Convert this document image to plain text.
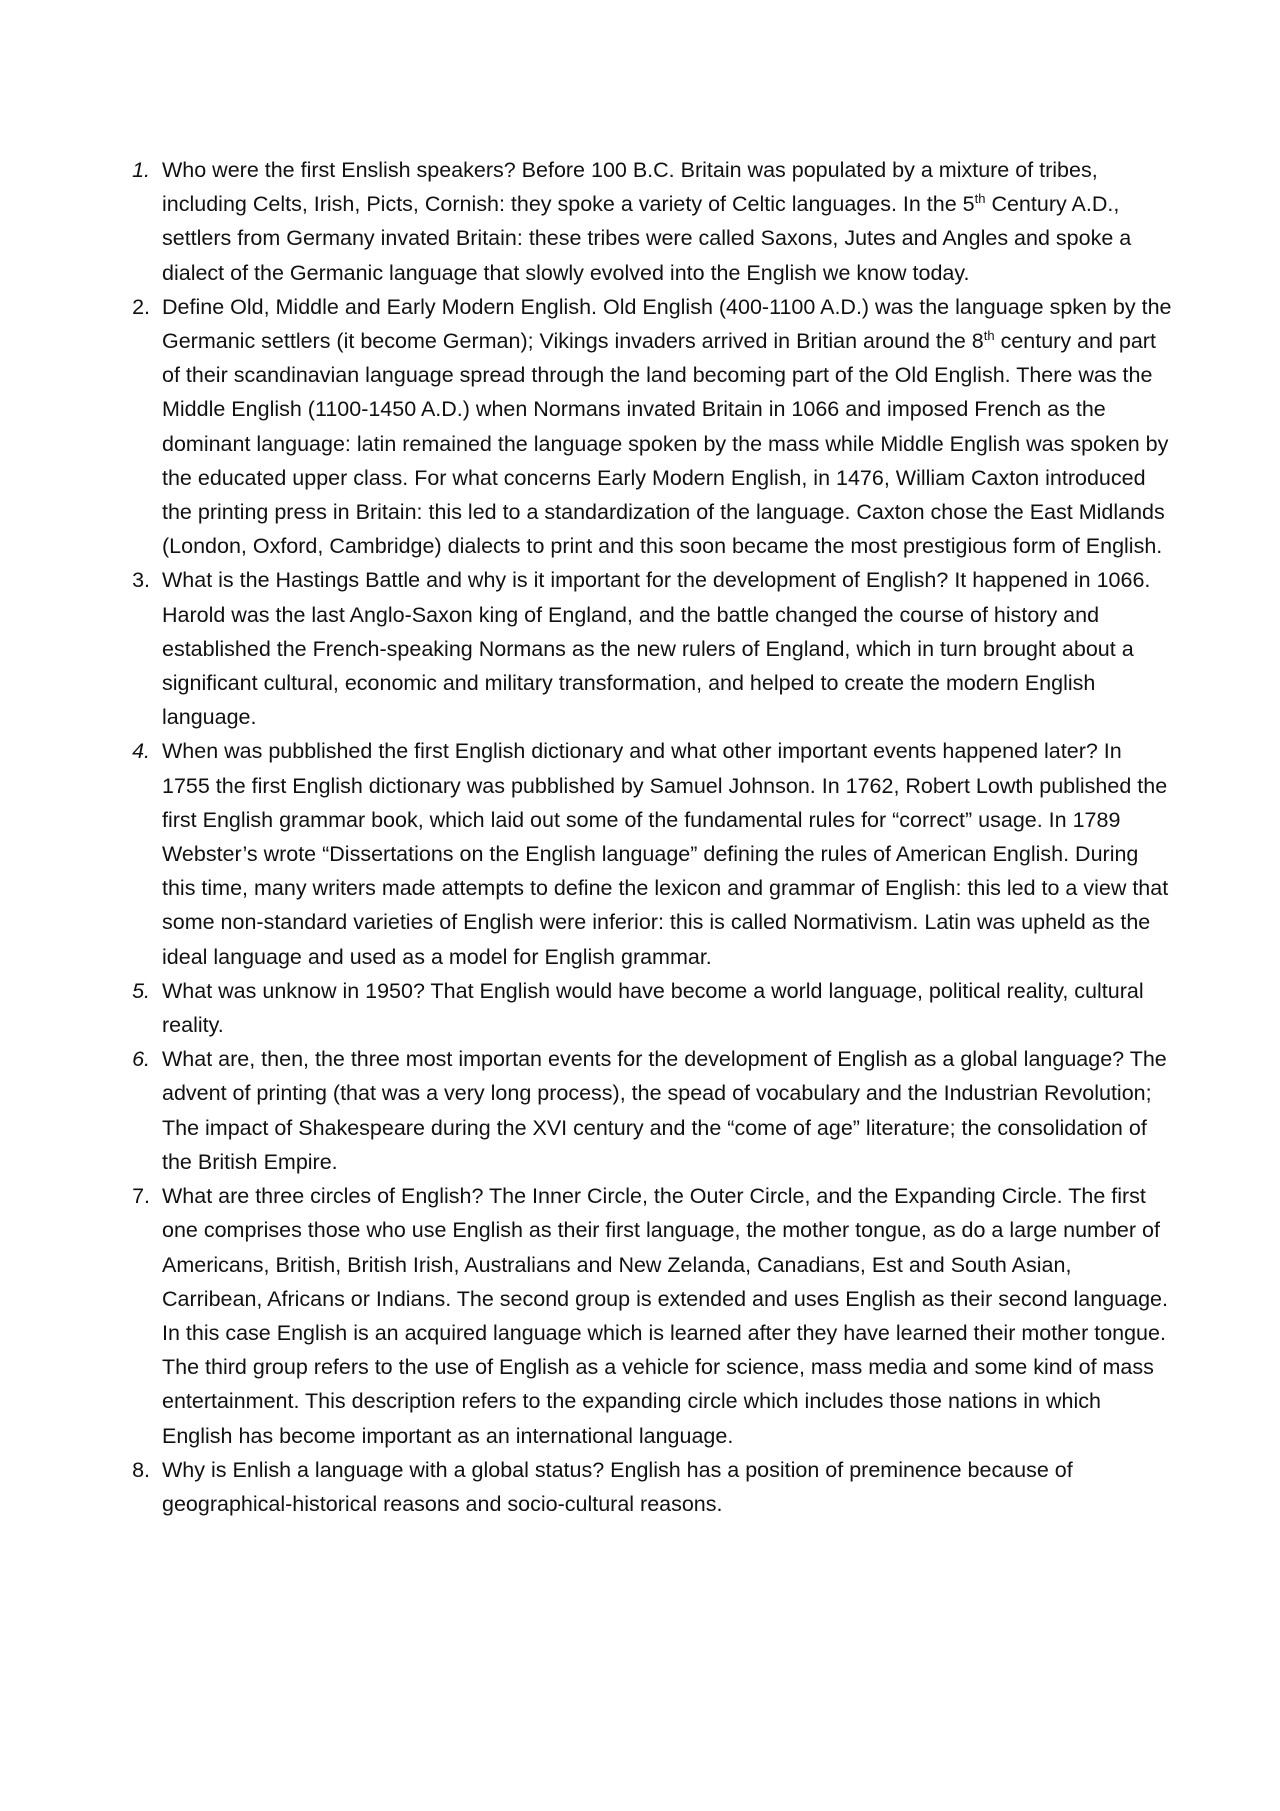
1. Who were the first Enslish speakers? Before 100 B.C. Britain was populated by a mixture of tribes, including Celts, Irish, Picts, Cornish: they spoke a variety of Celtic languages. In the 5th Century A.D., settlers from Germany invated Britain: these tribes were called Saxons, Jutes and Angles and spoke a dialect of the Germanic language that slowly evolved into the English we know today.
2. Define Old, Middle and Early Modern English. Old English (400-1100 A.D.) was the language spken by the Germanic settlers (it become German); Vikings invaders arrived in Britian around the 8th century and part of their scandinavian language spread through the land becoming part of the Old English. There was the Middle English (1100-1450 A.D.) when Normans invated Britain in 1066 and imposed French as the dominant language: latin remained the language spoken by the mass while Middle English was spoken by the educated upper class. For what concerns Early Modern English, in 1476, William Caxton introduced the printing press in Britain: this led to a standardization of the language. Caxton chose the East Midlands (London, Oxford, Cambridge) dialects to print and this soon became the most prestigious form of English.
3. What is the Hastings Battle and why is it important for the development of English? It happened in 1066. Harold was the last Anglo-Saxon king of England, and the battle changed the course of history and established the French-speaking Normans as the new rulers of England, which in turn brought about a significant cultural, economic and military transformation, and helped to create the modern English language.
4. When was pubblished the first English dictionary and what other important events happened later? In 1755 the first English dictionary was pubblished by Samuel Johnson. In 1762, Robert Lowth published the first English grammar book, which laid out some of the fundamental rules for “correct” usage. In 1789 Webster’s wrote “Dissertations on the English language” defining the rules of American English. During this time, many writers made attempts to define the lexicon and grammar of English: this led to a view that some non-standard varieties of English were inferior: this is called Normativism. Latin was upheld as the ideal language and used as a model for English grammar.
5. What was unknow in 1950? That English would have become a world language, political reality, cultural reality.
6. What are, then, the three most importan events for the development of English as a global language? The advent of printing (that was a very long process), the spead of vocabulary and the Industrian Revolution; The impact of Shakespeare during the XVI century and the “come of age” literature; the consolidation of the British Empire.
7. What are three circles of English? The Inner Circle, the Outer Circle, and the Expanding Circle. The first one comprises those who use English as their first language, the mother tongue, as do a large number of Americans, British, British Irish, Australians and New Zelanda, Canadians, Est and South Asian, Carribean, Africans or Indians. The second group is extended and uses English as their second language. In this case English is an acquired language which is learned after they have learned their mother tongue. The third group refers to the use of English as a vehicle for science, mass media and some kind of mass entertainment. This description refers to the expanding circle which includes those nations in which English has become important as an international language.
8. Why is Enlish a language with a global status? English has a position of preminence because of geographical-historical reasons and socio-cultural reasons.
